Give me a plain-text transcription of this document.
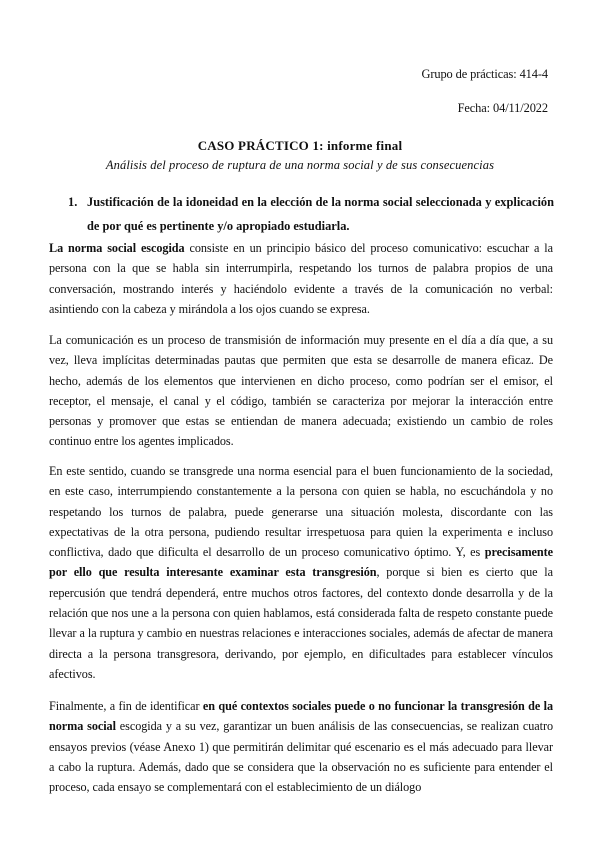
Grupo de prácticas: 414-4
Fecha: 04/11/2022
CASO PRÁCTICO 1: informe final
Análisis del proceso de ruptura de una norma social y de sus consecuencias
1. Justificación de la idoneidad en la elección de la norma social seleccionada y explicación de por qué es pertinente y/o apropiado estudiarla.

La norma social escogida consiste en un principio básico del proceso comunicativo: escuchar a la persona con la que se habla sin interrumpirla, respetando los turnos de palabra propios de una conversación, mostrando interés y haciéndolo evidente a través de la comunicación no verbal: asintiendo con la cabeza y mirándola a los ojos cuando se expresa.

La comunicación es un proceso de transmisión de información muy presente en el día a día que, a su vez, lleva implícitas determinadas pautas que permiten que esta se desarrolle de manera eficaz. De hecho, además de los elementos que intervienen en dicho proceso, como podrían ser el emisor, el receptor, el mensaje, el canal y el código, también se caracteriza por mejorar la interacción entre personas y promover que estas se entiendan de manera adecuada; existiendo un cambio de roles continuo entre los agentes implicados.

En este sentido, cuando se transgrede una norma esencial para el buen funcionamiento de la sociedad, en este caso, interrumpiendo constantemente a la persona con quien se habla, no escuchándola y no respetando los turnos de palabra, puede generarse una situación molesta, discordante con las expectativas de la otra persona, pudiendo resultar irrespetuosa para quien la experimenta e incluso conflictiva, dado que dificulta el desarrollo de un proceso comunicativo óptimo. Y, es precisamente por ello que resulta interesante examinar esta transgresión, porque si bien es cierto que la repercusión que tendrá dependerá, entre muchos otros factores, del contexto donde desarrolla y de la relación que nos une a la persona con quien hablamos, está considerada falta de respeto constante puede llevar a la ruptura y cambio en nuestras relaciones e interacciones sociales, además de afectar de manera directa a la persona transgresora, derivando, por ejemplo, en dificultades para establecer vínculos afectivos.

Finalmente, a fin de identificar en qué contextos sociales puede o no funcionar la transgresión de la norma social escogida y a su vez, garantizar un buen análisis de las consecuencias, se realizan cuatro ensayos previos (véase Anexo 1) que permitirán delimitar qué escenario es el más adecuado para llevar a cabo la ruptura. Además, dado que se considera que la observación no es suficiente para entender el proceso, cada ensayo se complementará con el establecimiento de un diálogo
